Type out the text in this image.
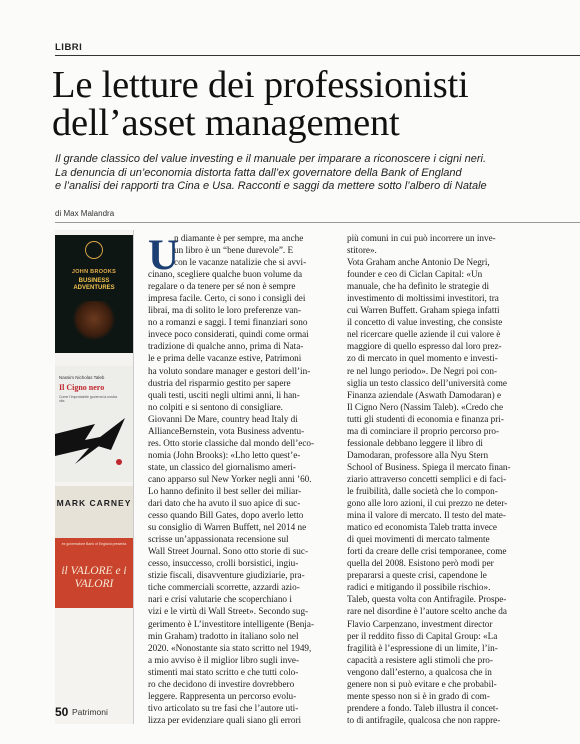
LIBRI
Le letture dei professionisti
dell’asset management
Il grande classico del value investing e il manuale per imparare a riconoscere i cigni neri.
La denuncia di un’economia distorta fatta dall’ex governatore della Bank of England
e l’analisi dei rapporti tra Cina e Usa. Racconti e saggi da mettere sotto l’albero di Natale
di Max Malandra
JOHN BROOKS
BUSINESS ADVENTURES
Nassim Nicholas Taleb
Il Cigno nero
Come l’improbabile governa la nostra vita
MARK CARNEY
ex governatore Bank of England presenta
il VALORE e i VALORI
U
n diamante è per sempre, ma anche
un libro è un “bene durevole”. E
con le vacanze natalizie che si avvi-
cinano, scegliere qualche buon volume da
regalare o da tenere per sé non è sempre
impresa facile. Certo, ci sono i consigli dei
librai, ma di solito le loro preferenze van-
no a romanzi e saggi. I temi finanziari sono
invece poco considerati, quindi come ormai
tradizione di qualche anno, prima di Nata-
le e prima delle vacanze estive, Patrimoni
ha voluto sondare manager e gestori dell’in-
dustria del risparmio gestito per sapere
quali testi, usciti negli ultimi anni, li han-
no colpiti e si sentono di consigliare.
Giovanni De Mare, country head Italy di
AllianceBernstein, vota Business adventu-
res. Otto storie classiche dal mondo dell’eco-
nomia (John Brooks): «Lho letto quest’e-
state, un classico del giornalismo ameri-
cano apparso sul New Yorker negli anni ’60.
Lo hanno definito il best seller dei miliar-
dari dato che ha avuto il suo apice di suc-
cesso quando Bill Gates, dopo averlo letto
su consiglio di Warren Buffett, nel 2014 ne
scrisse un’appassionata recensione sul
Wall Street Journal. Sono otto storie di suc-
cesso, insuccesso, crolli borsistici, ingiu-
stizie fiscali, disavventure giudiziarie, pra-
tiche commerciali scorrette, azzardi azio-
nari e crisi valutarie che scoperchiano i
vizi e le virtù di Wall Street». Secondo sug-
gerimento è L’investitore intelligente (Benja-
min Graham) tradotto in italiano solo nel
2020. «Nonostante sia stato scritto nel 1949,
a mio avviso è il miglior libro sugli inve-
stimenti mai stato scritto e che tutti colo-
ro che decidono di investire dovrebbero
leggere. Rappresenta un percorso evolu-
tivo articolato su tre fasi che l’autore uti-
lizza per evidenziare quali siano gli errori
più comuni in cui può incorrere un inve-
stitore».
Vota Graham anche Antonio De Negri,
founder e ceo di Ciclan Capital: «Un
manuale, che ha definito le strategie di
investimento di moltissimi investitori, tra
cui Warren Buffett. Graham spiega infatti
il concetto di value investing, che consiste
nel ricercare quelle aziende il cui valore è
maggiore di quello espresso dal loro prez-
zo di mercato in quel momento e investi-
re nel lungo periodo». De Negri poi con-
siglia un testo classico dell’università come
Finanza aziendale (Aswath Damodaran) e
Il Cigno Nero (Nassim Taleb). «Credo che
tutti gli studenti di economia e finanza pri-
ma di cominciare il proprio percorso pro-
fessionale debbano leggere il libro di
Damodaran, professore alla Nyu Stern
School of Business. Spiega il mercato finan-
ziario attraverso concetti semplici e di faci-
le fruibilità, dalle società che lo compon-
gono alle loro azioni, il cui prezzo ne deter-
mina il valore di mercato. Il testo del mate-
matico ed economista Taleb tratta invece
di quei movimenti di mercato talmente
forti da creare delle crisi temporanee, come
quella del 2008. Esistono però modi per
prepararsi a queste crisi, capendone le
radici e mitigando il possibile rischio».
Taleb, questa volta con Antifragile. Prospe-
rare nel disordine è l’autore scelto anche da
Flavio Carpenzano, investment director
per il reddito fisso di Capital Group: «La
fragilità è l’espressione di un limite, l’in-
capacità a resistere agli stimoli che pro-
vengono dall’esterno, a qualcosa che in
genere non si può evitare e che probabil-
mente spesso non si è in grado di com-
prendere a fondo. Taleb illustra il concet-
to di antifragile, qualcosa che non rappre-
50 Patrimoni
